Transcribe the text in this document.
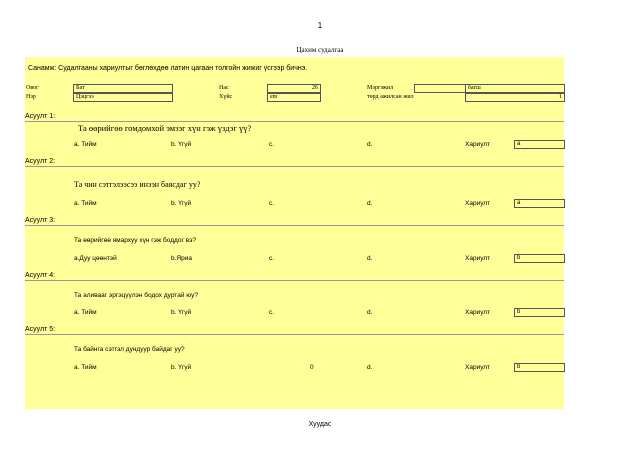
1
Цахим судалгаа
Санамж: Судалгааны хариултыг бөглөхдөө латин цагаан толгойн жижиг үсгээр бичнэ.
Овог	Бат	Нас	26	Мэргэжил	багш
Нэр	Цэцгээ	Хүйс	em	төрд ажилсан жил	1
Асуулт 1:
Та өөрийгөө гомдомхой эмзэг хүн гэж үздэг үү?
a. Тийм	b. Үгүй	c.	d.	Хариулт	a
Асуулт 2:
Та чин сэтгэлээсээ инээн баясдаг уу?
a. Тийм	b. Үгүй	c.	d.	Хариулт	a
Асуулт 3:
Та өөрийгөө ямархуу хүн гэж боддог вэ?
a.Дуу цөөнтэй	b.Яриа	c.	d.	Хариулт	b
Асуулт 4:
Та аливааг эргэцүүлэн бодох дуртай юу?
a. Тийм	b. Үгүй	c.	d.	Хариулт	b
Асуулт 5:
Та байнга сэтгэл дундуур байдаг уу?
a. Тийм	b. Үгүй	0	d.	Хариулт	b
Хуудас
